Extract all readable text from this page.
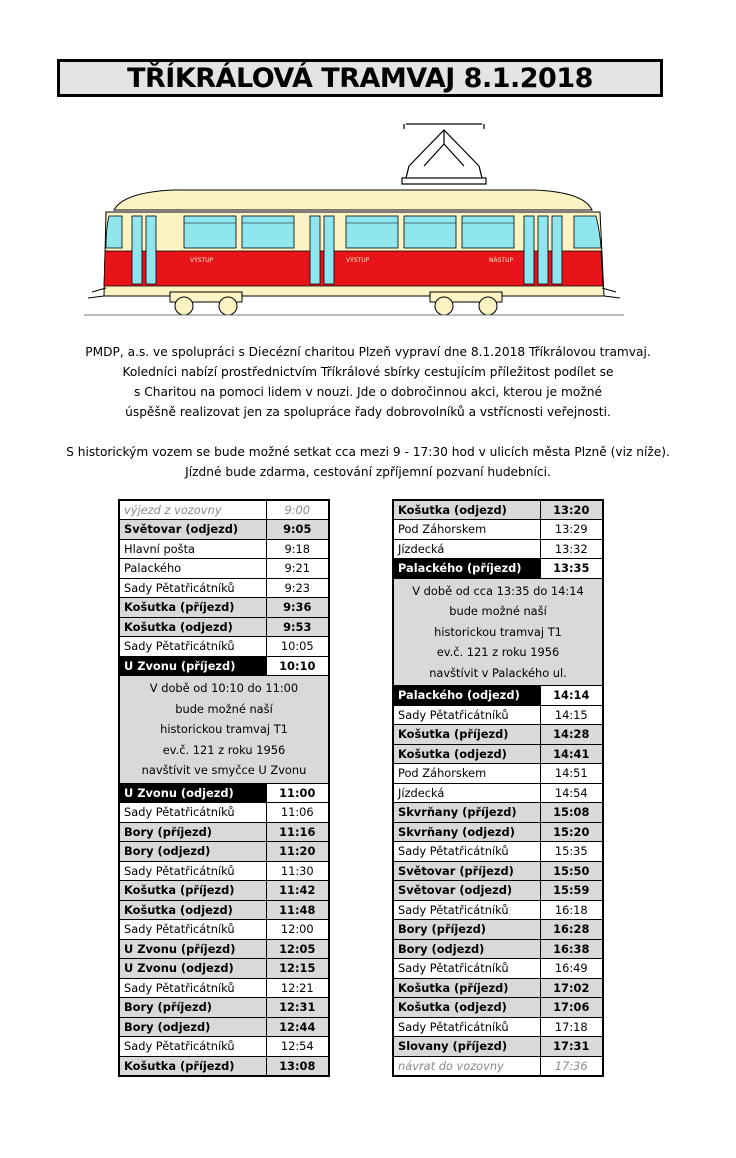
TŘÍKRÁLOVÁ TRAMVAJ 8.1.2018
VÝSTUP	VÝSTUP	NÁSTUP

PMDP, a.s. ve spolupráci s Diecézní charitou Plzeň vypraví dne 8.1.2018 Tříkrálovou tramvaj.

Koledníci nabízí prostřednictvím Tříkrálové sbírky cestujícím příležitost podílet se

s Charitou na pomoci lidem v nouzi. Jde o dobročinnou akci, kterou je možné

úspěšně realizovat jen za spolupráce řady dobrovolníků a vstřícnosti veřejnosti.

S historickým vozem se bude možné setkat cca mezi 9 - 17:30 hod v ulicích města Plzně (viz níže).

Jízdné bude zdarma, cestování zpříjemní pozvaní hudebníci.

výjezd z vozovny	9:00
Světovar (odjezd)	9:05
Hlavní pošta	9:18
Palackého	9:21
Sady Pětatřicátníků	9:23
Košutka (příjezd)	9:36
Košutka (odjezd)	9:53
Sady Pětatřicátníků	10:05
U Zvonu (příjezd)	10:10

V době od 10:10 do 11:00
bude možné naší
historickou tramvaj T1
ev.č. 121 z roku 1956
navštívit ve smyčce U Zvonu	

U Zvonu (odjezd)	11:00
Sady Pětatřicátníků	11:06
Bory (příjezd)	11:16
Bory (odjezd)	11:20
Sady Pětatřicátníků	11:30
Košutka (příjezd)	11:42
Košutka (odjezd)	11:48
Sady Pětatřicátníků	12:00
U Zvonu (příjezd)	12:05
U Zvonu (odjezd)	12:15
Sady Pětatřicátníků	12:21
Bory (příjezd)	12:31
Bory (odjezd)	12:44
Sady Pětatřicátníků	12:54
Košutka (příjezd)	13:08
Košutka (odjezd)	13:20
Pod Záhorskem	13:29
Jízdecká	13:32
Palackého (příjezd)	13:35

V době od cca 13:35 do 14:14
bude možné naší
historickou tramvaj T1
ev.č. 121 z roku 1956
navštívit v Palackého ul.	

Palackého (odjezd)	14:14
Sady Pětatřicátníků	14:15
Košutka (příjezd)	14:28
Košutka (odjezd)	14:41
Pod Záhorskem	14:51
Jízdecká	14:54
Skvrňany (příjezd)	15:08
Skvrňany (odjezd)	15:20
Sady Pětatřicátníků	15:35
Světovar (příjezd)	15:50
Světovar (odjezd)	15:59
Sady Pětatřicátníků	16:18
Bory (příjezd)	16:28
Bory (odjezd)	16:38
Sady Pětatřicátníků	16:49
Košutka (příjezd)	17:02
Košutka (odjezd)	17:06
Sady Pětatřicátníků	17:18
Slovany (příjezd)	17:31
návrat do vozovny	17:36
